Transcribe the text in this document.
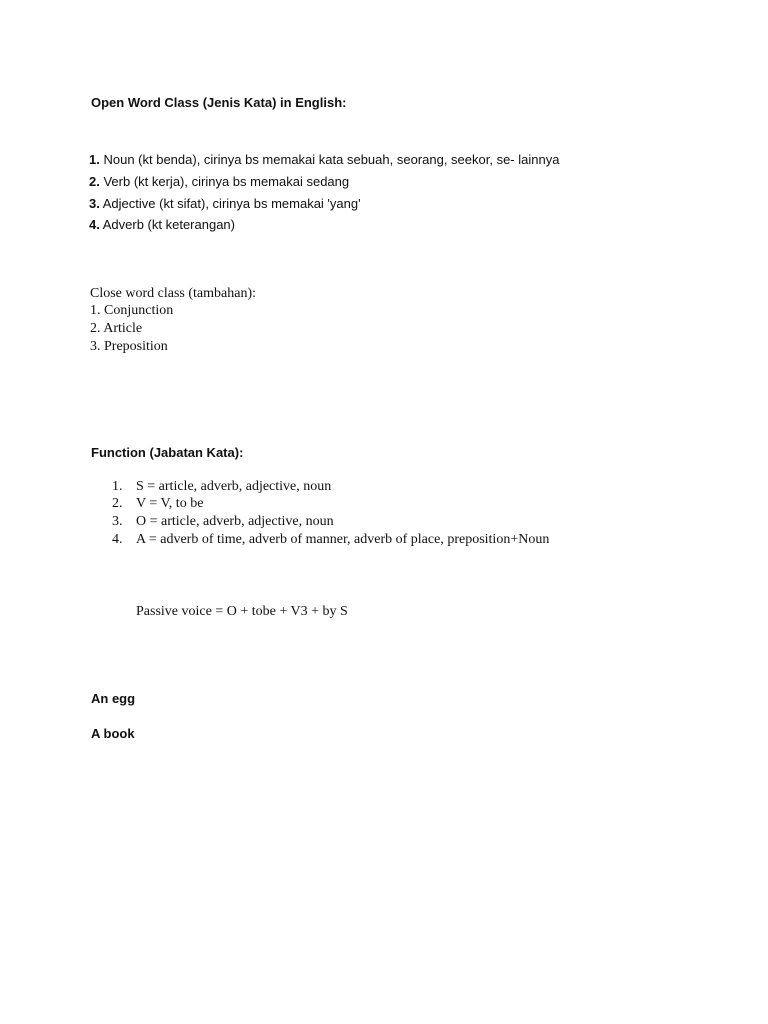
Open Word Class (Jenis Kata) in English:
1. Noun (kt benda), cirinya bs memakai kata sebuah, seorang, seekor, se- lainnya
2. Verb (kt kerja), cirinya bs memakai sedang
3. Adjective (kt sifat), cirinya bs memakai 'yang'
4. Adverb (kt keterangan)
Close word class (tambahan):
1. Conjunction
2. Article
3. Preposition
Function (Jabatan Kata):
1. S = article, adverb, adjective, noun
2. V = V, to be
3. O = article, adverb, adjective, noun
4. A = adverb of time, adverb of manner, adverb of place, preposition+Noun
Passive voice = O + tobe + V3 + by S
An egg
A book
